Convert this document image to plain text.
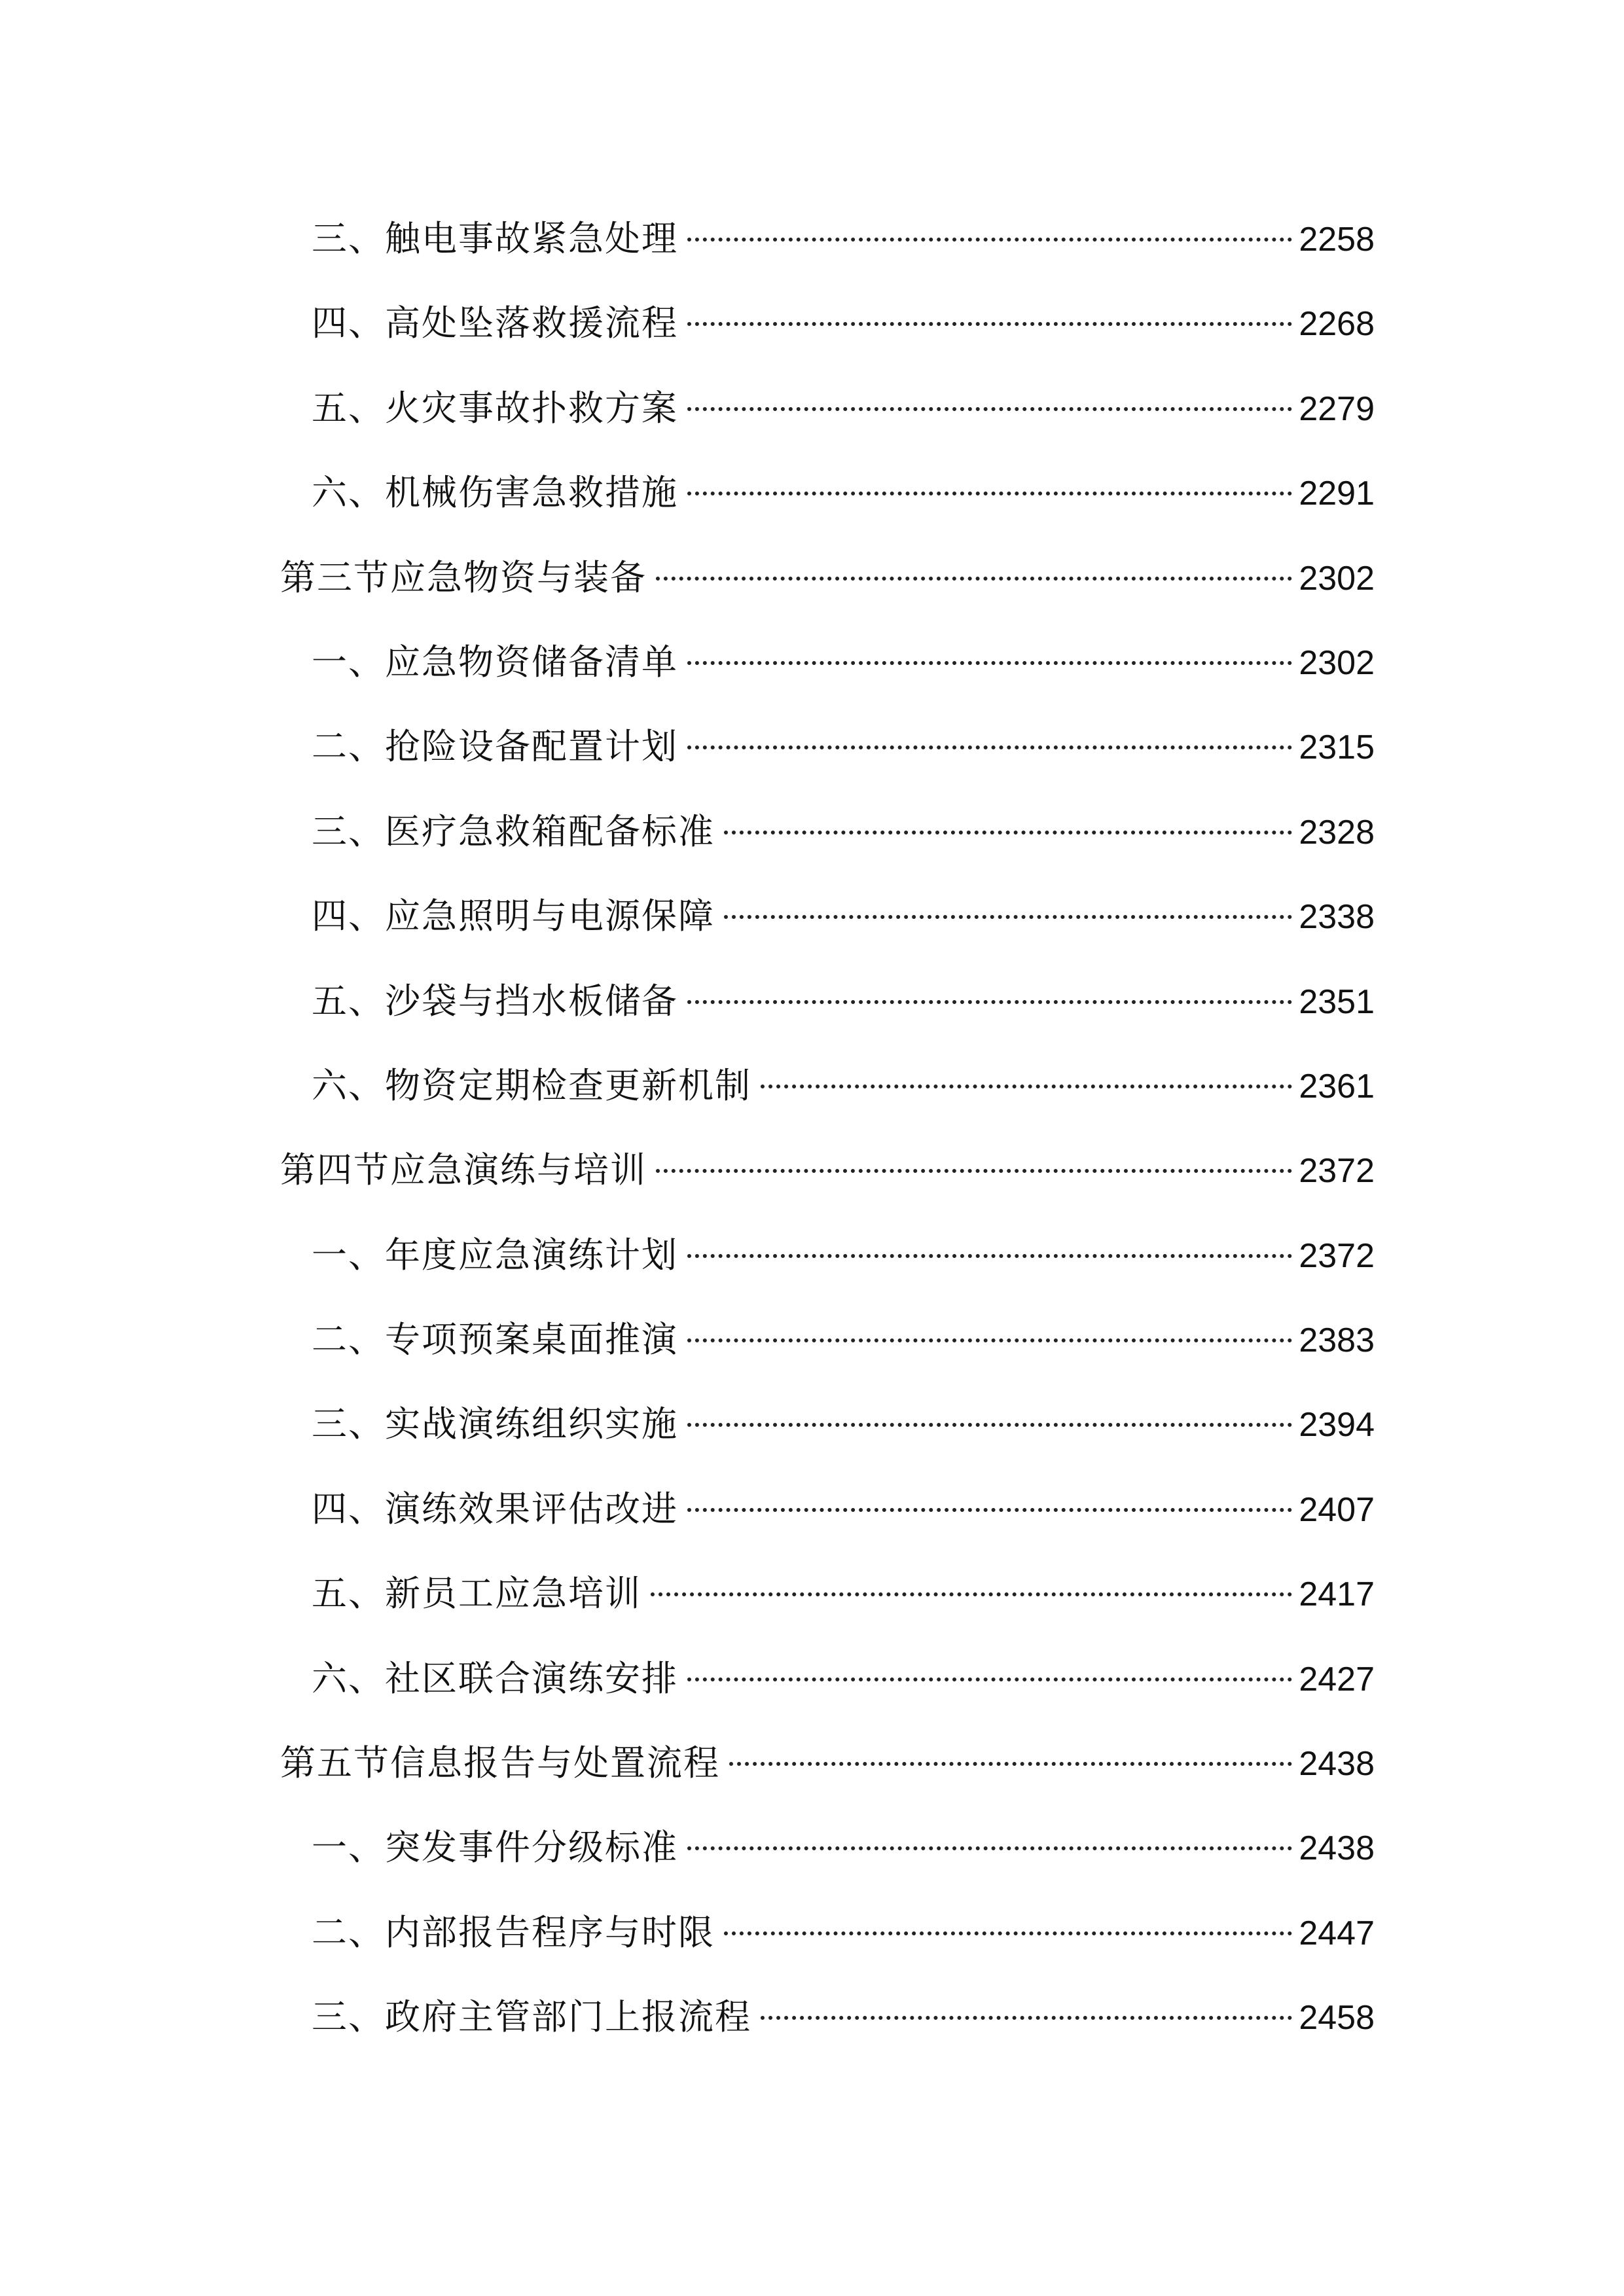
三、触电事故紧急处理	2258
四、高处坠落救援流程	2268
五、火灾事故扑救方案	2279
六、机械伤害急救措施	2291
第三节应急物资与装备	2302
一、应急物资储备清单	2302
二、抢险设备配置计划	2315
三、医疗急救箱配备标准	2328
四、应急照明与电源保障	2338
五、沙袋与挡水板储备	2351
六、物资定期检查更新机制	2361
第四节应急演练与培训	2372
一、年度应急演练计划	2372
二、专项预案桌面推演	2383
三、实战演练组织实施	2394
四、演练效果评估改进	2407
五、新员工应急培训	2417
六、社区联合演练安排	2427
第五节信息报告与处置流程	2438
一、突发事件分级标准	2438
二、内部报告程序与时限	2447
三、政府主管部门上报流程	2458
